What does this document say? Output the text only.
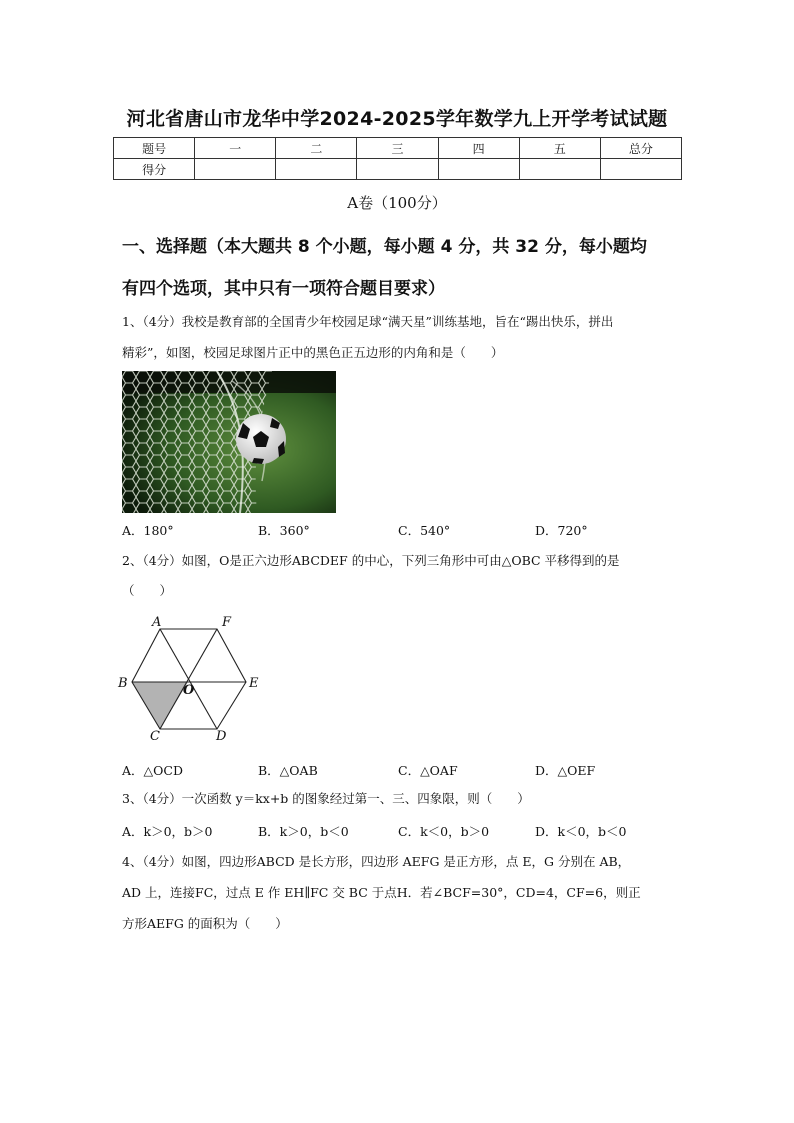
河北省唐山市龙华中学2024-2025学年数学九上开学考试试题
题号	一	二	三	四	五	总分
得分						
A卷（100分）
一、选择题（本大题共 8 个小题，每小题 4 分，共 32 分，每小题均
有四个选项，其中只有一项符合题目要求）
1、（4分）我校是教育部的全国青少年校园足球“满天星”训练基地，旨在“踢出快乐，拼出
精彩”，如图，校园足球图片正中的黑色正五边形的内角和是（　　）
A．180°	B．360°	C．540°	D．720°
2、（4分）如图，O是正六边形ABCDEF 的中心，下列三角形中可由△OBC 平移得到的是
（　　）
A	F
B	O	E
C	D
A．△OCD	B．△OAB	C．△OAF	D．△OEF
3、（4分）一次函数 y＝kx+b 的图象经过第一、三、四象限，则（　　）
A．k＞0，b＞0	B．k＞0，b＜0	C．k＜0，b＞0	D．k＜0，b＜0
4、（4分）如图，四边形ABCD 是长方形，四边形 AEFG 是正方形，点 E，G 分别在 AB，
AD 上，连接FC，过点 E 作 EH∥FC 交 BC 于点H．若∠BCF=30°，CD=4，CF=6，则正
方形AEFG 的面积为（　　）
